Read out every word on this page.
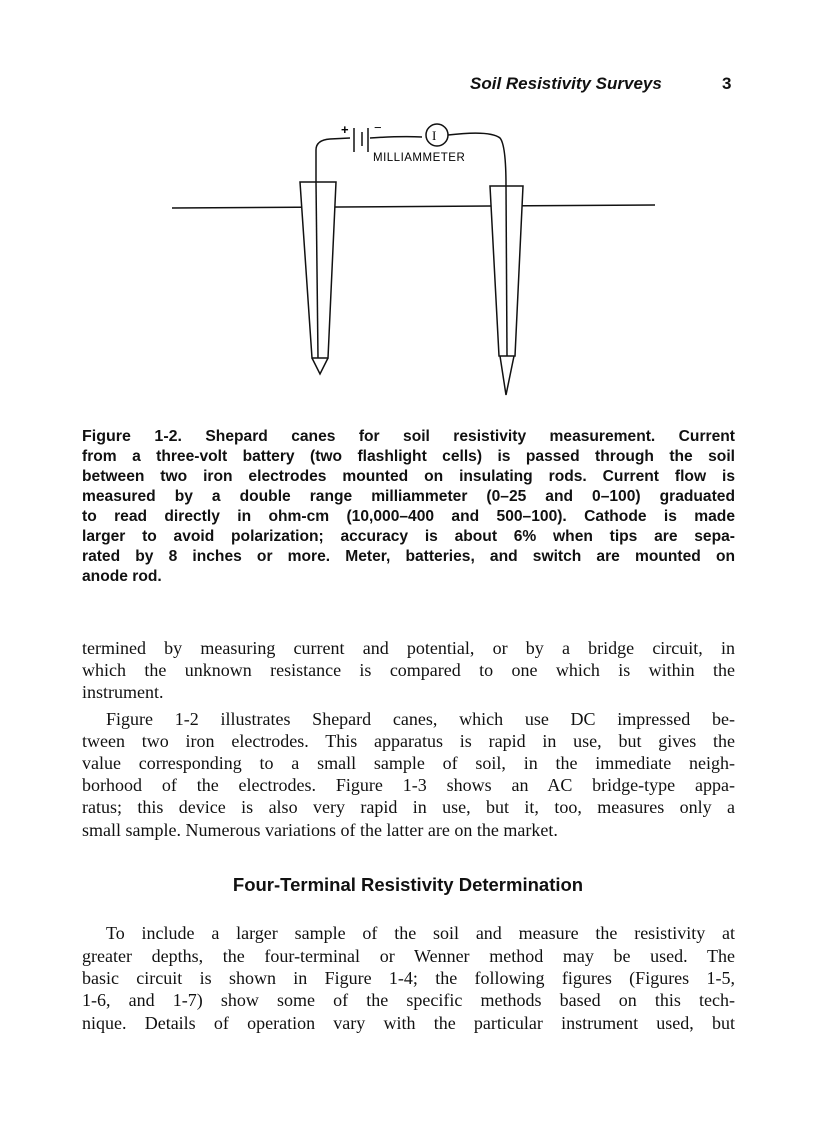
Soil Resistivity Surveys	3
+ −
I
MILLIAMMETER
Figure 1-2. Shepard canes for soil resistivity measurement. Current
from a three-volt battery (two flashlight cells) is passed through the soil
between two iron electrodes mounted on insulating rods. Current flow is
measured by a double range milliammeter (0–25 and 0–100) graduated
to read directly in ohm-cm (10,000–400 and 500–100). Cathode is made
larger to avoid polarization; accuracy is about 6% when tips are sepa-
rated by 8 inches or more. Meter, batteries, and switch are mounted on
anode rod.
termined by measuring current and potential, or by a bridge circuit, in
which the unknown resistance is compared to one which is within the
instrument.
Figure 1-2 illustrates Shepard canes, which use DC impressed be-
tween two iron electrodes. This apparatus is rapid in use, but gives the
value corresponding to a small sample of soil, in the immediate neigh-
borhood of the electrodes. Figure 1-3 shows an AC bridge-type appa-
ratus; this device is also very rapid in use, but it, too, measures only a
small sample. Numerous variations of the latter are on the market.
Four-Terminal Resistivity Determination
To include a larger sample of the soil and measure the resistivity at
greater depths, the four-terminal or Wenner method may be used. The
basic circuit is shown in Figure 1-4; the following figures (Figures 1-5,
1-6, and 1-7) show some of the specific methods based on this tech-
nique. Details of operation vary with the particular instrument used, but
